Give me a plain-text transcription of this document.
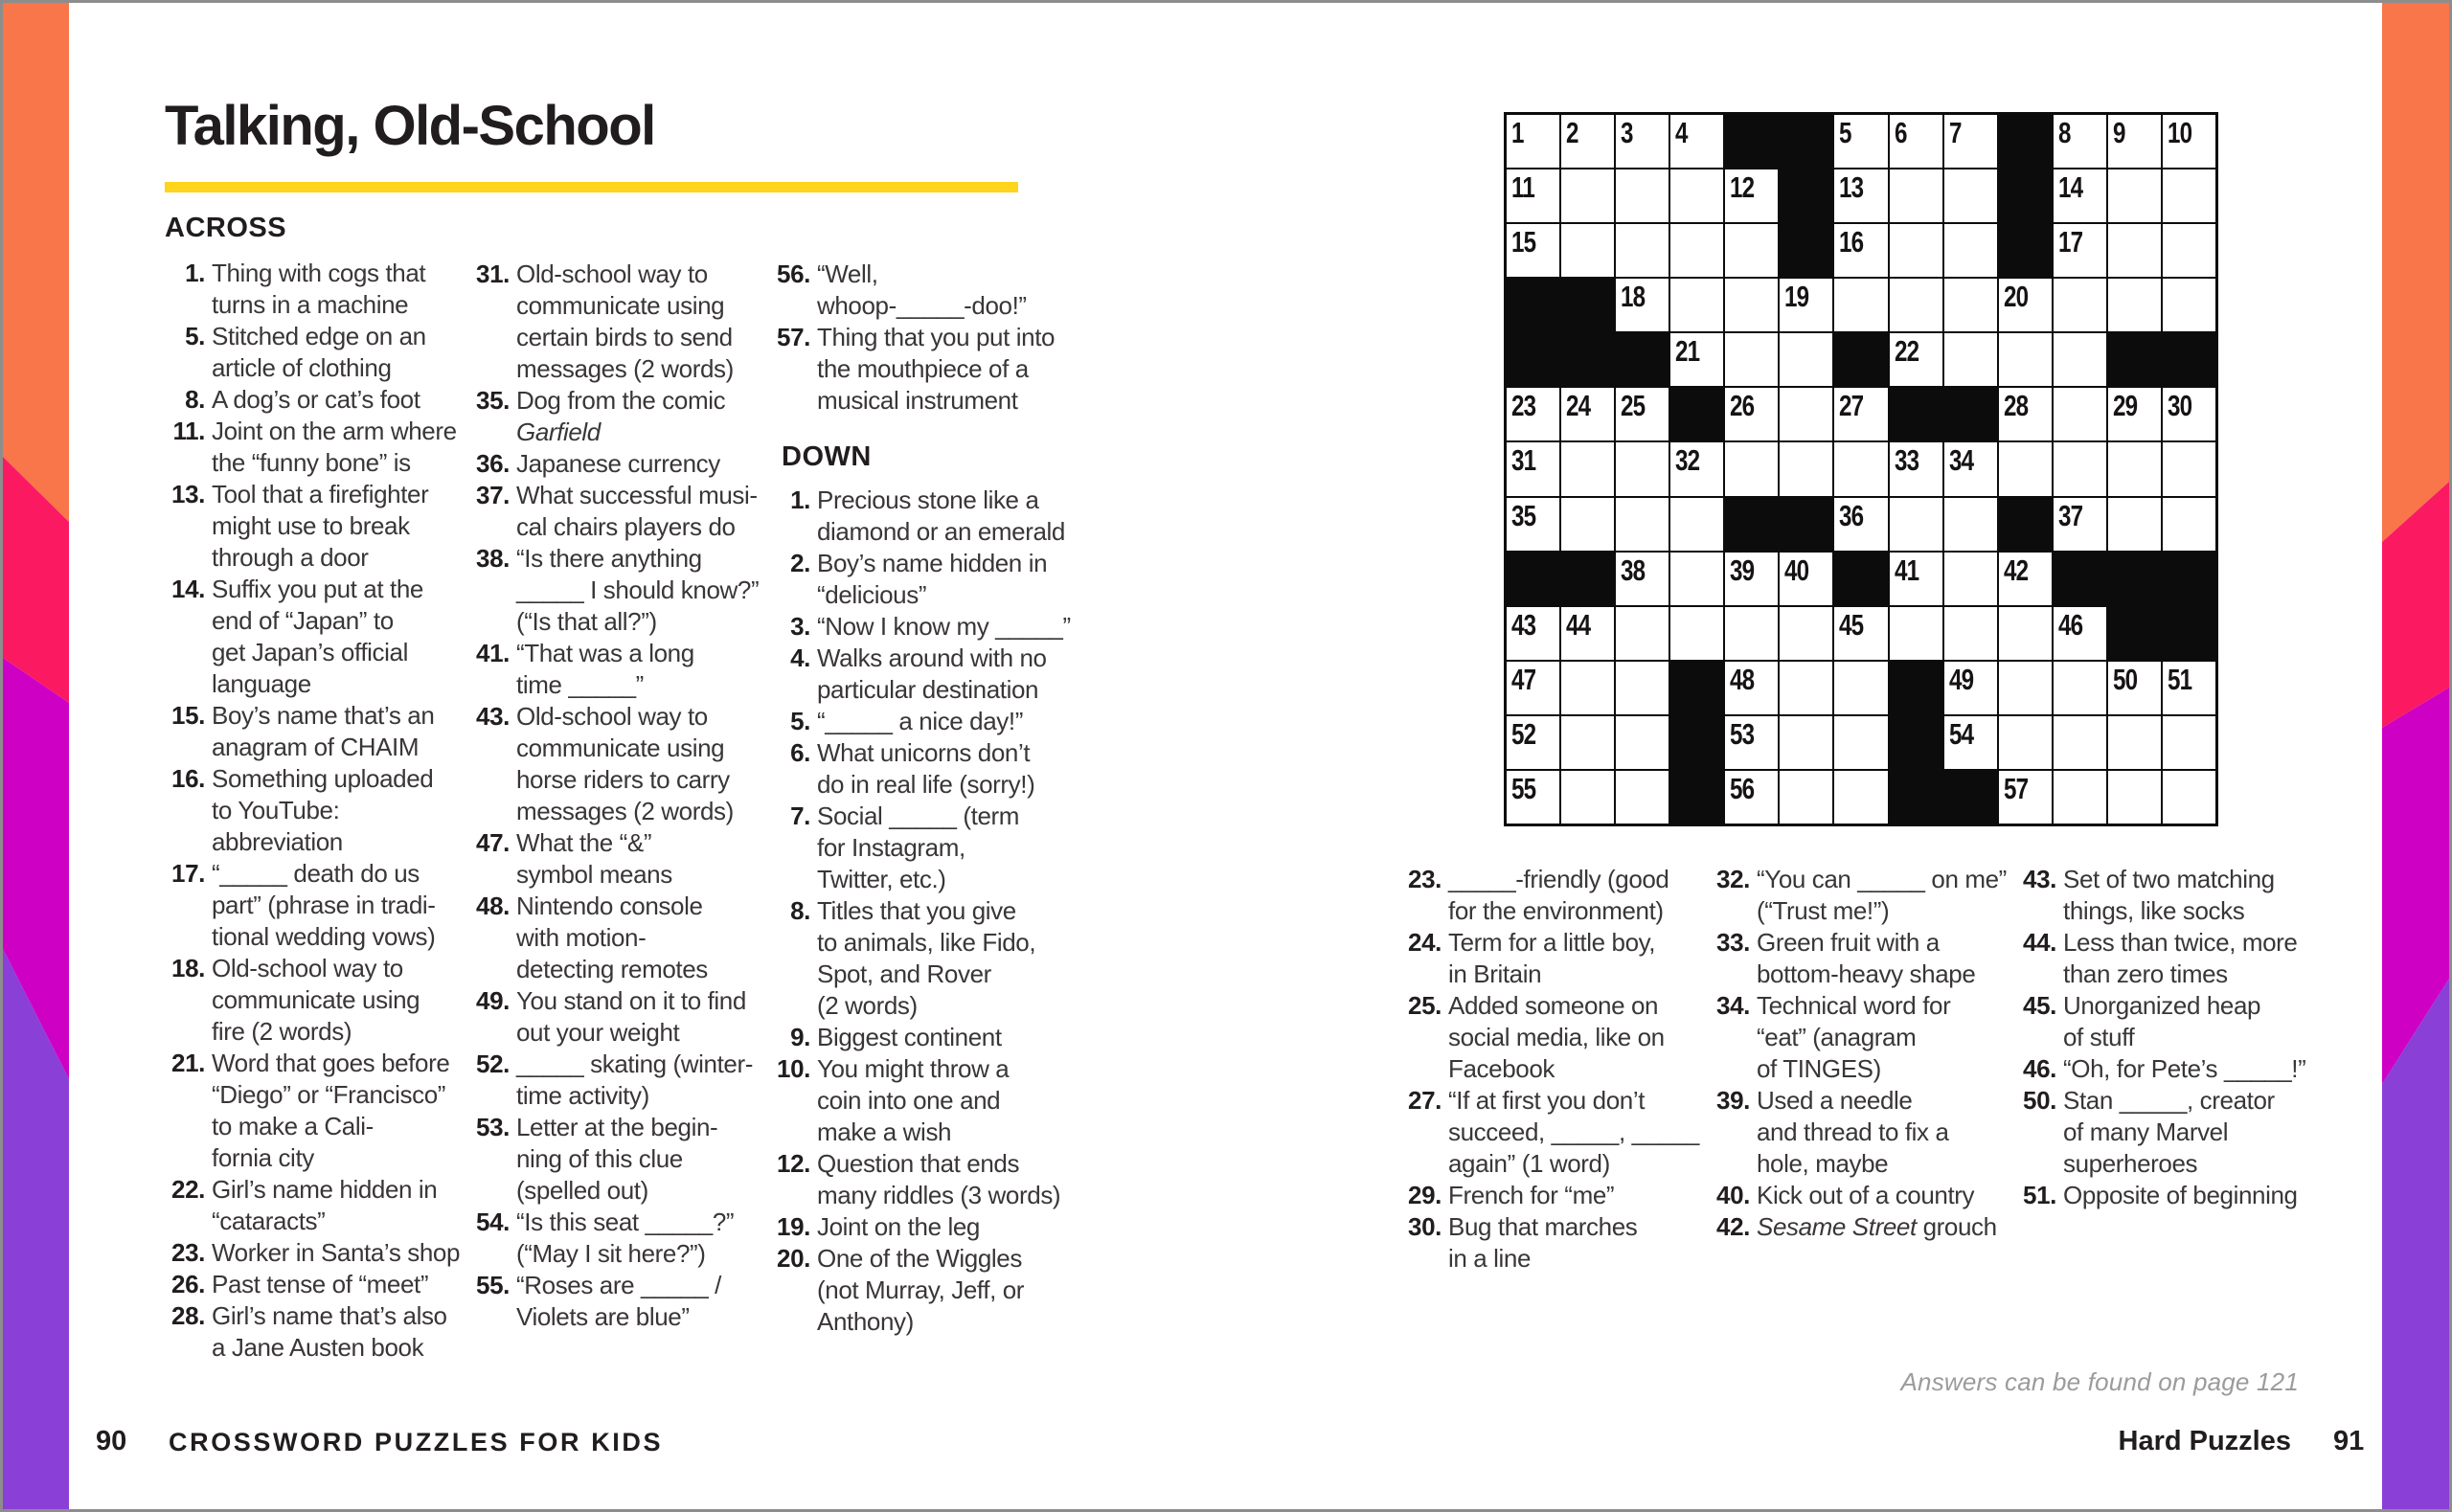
Talking, Old-School
ACROSS
1. Thing with cogs that
turns in a machine
5. Stitched edge on an
article of clothing
8. A dog’s or cat’s foot
11. Joint on the arm where
the “funny bone” is
13. Tool that a firefighter
might use to break
through a door
14. Suffix you put at the
end of “Japan” to
get Japan’s official
language
15. Boy’s name that’s an
anagram of CHAIM
16. Something uploaded
to YouTube:
abbreviation
17. “_____ death do us
part” (phrase in tradi-
tional wedding vows)
18. Old-school way to
communicate using
fire (2 words)
21. Word that goes before
“Diego” or “Francisco”
to make a Cali-
fornia city
22. Girl’s name hidden in
“cataracts”
23. Worker in Santa’s shop
26. Past tense of “meet”
28. Girl’s name that’s also
a Jane Austen book
31. Old-school way to
communicate using
certain birds to send
messages (2 words)
35. Dog from the comic
Garfield
36. Japanese currency
37. What successful musi-
cal chairs players do
38. “Is there anything
_____ I should know?”
(“Is that all?”)
41. “That was a long
time _____”
43. Old-school way to
communicate using
horse riders to carry
messages (2 words)
47. What the “&”
symbol means
48. Nintendo console
with motion-
detecting remotes
49. You stand on it to find
out your weight
52. _____ skating (winter-
time activity)
53. Letter at the begin-
ning of this clue
(spelled out)
54. “Is this seat _____?”
(“May I sit here?”)
55. “Roses are _____ /
Violets are blue”
56. “Well,
whoop-_____-doo!”
57. Thing that you put into
the mouthpiece of a
musical instrument
DOWN
1. Precious stone like a
diamond or an emerald
2. Boy’s name hidden in
“delicious”
3. “Now I know my _____”
4. Walks around with no
particular destination
5. “_____ a nice day!”
6. What unicorns don’t
do in real life (sorry!)
7. Social _____ (term
for Instagram,
Twitter, etc.)
8. Titles that you give
to animals, like Fido,
Spot, and Rover
(2 words)
9. Biggest continent
10. You might throw a
coin into one and
make a wish
12. Question that ends
many riddles (3 words)
19. Joint on the leg
20. One of the Wiggles
(not Murray, Jeff, or
Anthony)
1 2 3 4	5 6 7	8 9 10
11	12	13	14
15	16	17
18	19	20
21	22
23 24 25	26	27	28	29 30
31	32	33 34
35	36	37
38	39 40	41	42
43 44	45	46
47	48	49	50 51
52	53	54
55	56	57
23. _____-friendly (good
for the environment)
24. Term for a little boy,
in Britain
25. Added someone on
social media, like on
Facebook
27. “If at first you don’t
succeed, _____, _____
again” (1 word)
29. French for “me”
30. Bug that marches
in a line
32. “You can _____ on me”
(“Trust me!”)
33. Green fruit with a
bottom-heavy shape
34. Technical word for
“eat” (anagram
of TINGES)
39. Used a needle
and thread to fix a
hole, maybe
40. Kick out of a country
42. Sesame Street grouch
43. Set of two matching
things, like socks
44. Less than twice, more
than zero times
45. Unorganized heap
of stuff
46. “Oh, for Pete’s _____!”
50. Stan _____, creator
of many Marvel
superheroes
51. Opposite of beginning
Answers can be found on page 121
90 CROSSWORD PUZZLES FOR KIDS	Hard Puzzles 91
